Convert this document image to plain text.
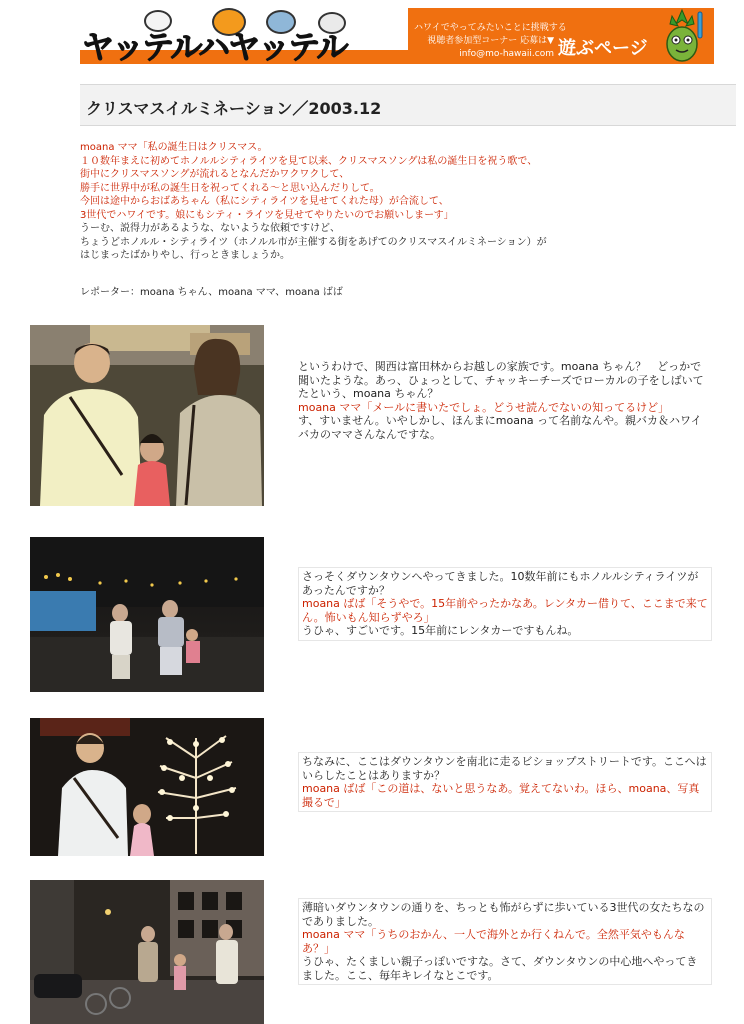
ヤッテルハヤッテル	ハワイでやってみたいことに挑戦する
視聴者参加型コーナー 応募は▼
info@mo-hawaii.com 遊ぶページ
クリスマスイルミネーション／2003.12

moana ママ「私の誕生日はクリスマス。

１０数年まえに初めてホノルルシティライツを見て以来、クリスマスソングは私の誕生日を祝う歌で、

街中にクリスマスソングが流れるとなんだかワクワクして、

勝手に世界中が私の誕生日を祝ってくれる～と思い込んだりして。

今回は途中からおばあちゃん（私にシティライツを見せてくれた母）が合流して、

3世代でハワイです。娘にもシティ・ライツを見せてやりたいのでお願いしまーす」

うーむ、説得力があるような、ないような依頼ですけど、

ちょうどホノルル・シティライツ（ホノルル市が主催する街をあげてのクリスマスイルミネーション）が

はじまったばかりやし、行っときましょうか。

レポーター：moana ちゃん、moana ママ、moana ばば

というわけで、関西は富田林からお越しの家族です。moana ちゃん？　どっかで聞いたような。あっ、ひょっとして、チャッキーチーズでローカルの子をしばいてたという、moana ちゃん？

moana ママ「メールに書いたでしょ。どうせ読んでないの知ってるけど」

す、すいません。いやしかし、ほんまにmoana って名前なんや。親バカ＆ハワイバカのママさんなんですな。

さっそくダウンタウンへやってきました。10数年前にもホノルルシティライツがあったんですか？

moana ばば「そうやで。15年前やったかなあ。レンタカー借りて、ここまで来てん。怖いもん知らずやろ」

うひゃ、すごいです。15年前にレンタカーですもんね。

ちなみに、ここはダウンタウンを南北に走るビショップストリートです。ここへはいらしたことはありますか？

moana ばば「この道は、ないと思うなあ。覚えてないわ。ほら、moana、写真撮るで」

薄暗いダウンタウンの通りを、ちっとも怖がらずに歩いている3世代の女たちなのでありました。

moana ママ「うちのおかん、一人で海外とか行くねんで。全然平気やもんなあ？」

うひゃ、たくましい親子っぽいですな。さて、ダウンタウンの中心地へやってきました。ここ、毎年キレイなとこです。
